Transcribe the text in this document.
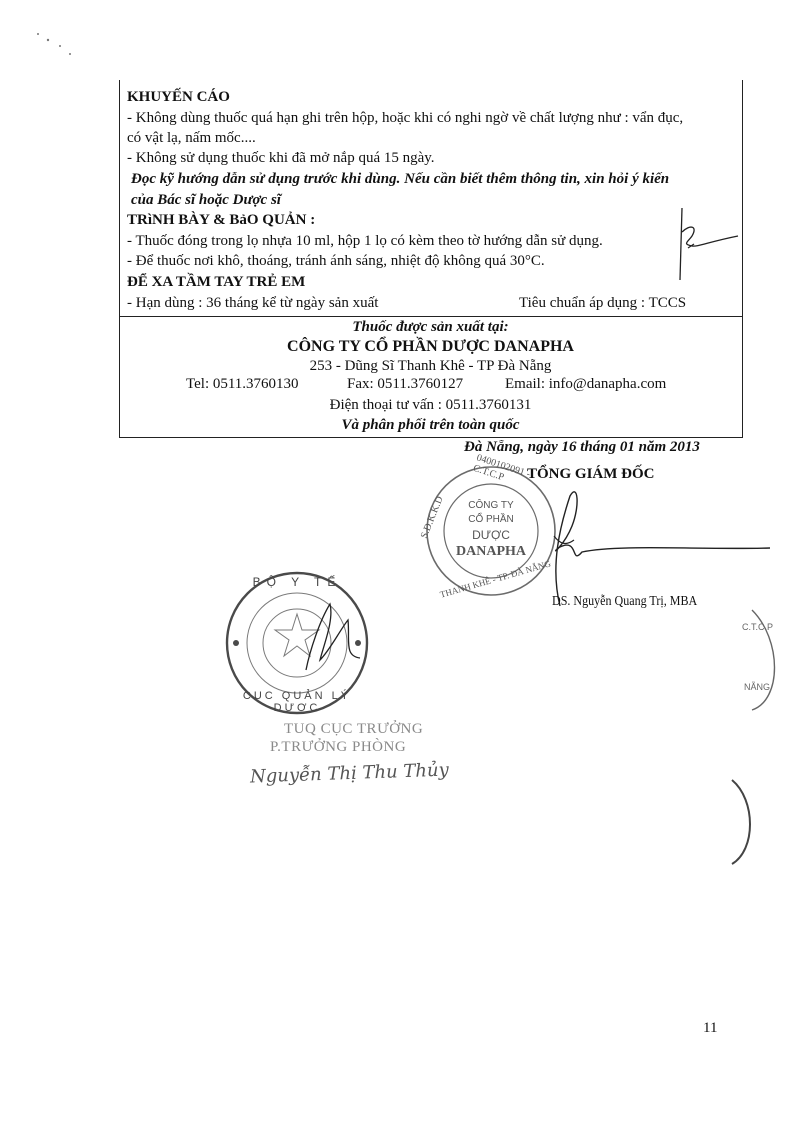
KHUYẾN CÁO
- Không dùng thuốc quá hạn ghi trên hộp, hoặc khi có nghi ngờ về chất lượng như : vẩn đục,
có vật lạ, nấm mốc....
- Không sử dụng thuốc khi đã mở nắp quá 15 ngày.
Đọc kỹ hướng dẫn sử dụng trước khi dùng. Nếu cần biết thêm thông tin, xin hỏi ý kiến
của Bác sĩ hoặc Dược sĩ
TRìNH BÀY & BảO QUẢN :
- Thuốc đóng trong lọ nhựa 10 ml, hộp 1 lọ có kèm theo tờ hướng dẫn sử dụng.
- Để thuốc nơi khô, thoáng, tránh ánh sáng, nhiệt độ không quá 30°C.
ĐỂ XA TẦM TAY TRẺ EM
- Hạn dùng : 36 tháng kể từ ngày sản xuất	Tiêu chuẩn áp dụng : TCCS
Thuốc được sản xuất tại:
CÔNG TY CỔ PHẦN DƯỢC DANAPHA
253 - Dũng Sĩ Thanh Khê - TP Đà Nẵng
Tel: 0511.3760130	Fax: 0511.3760127	Email: info@danapha.com
Điện thoại tư vấn : 0511.3760131
Và phân phối trên toàn quốc
Đà Nẵng, ngày 16 tháng 01 năm 2013
TỔNG GIÁM ĐỐC
0400102091 - C.T.C.P
S.D.K.K.D
THANH KHÊ - TP. ĐÀ NẴNG
CÔNG TY
CỔ PHẦN
DƯỢC
DANAPHA
DS. Nguyễn Quang Trị, MBA
BỘ Y TẾ
CỤC QUẢN LÝ DƯỢC
TUQ CỤC TRƯỞNG
P.TRƯỞNG PHÒNG
Nguyễn Thị Thu Thủy
C.T.C.P
NẴNG
11
